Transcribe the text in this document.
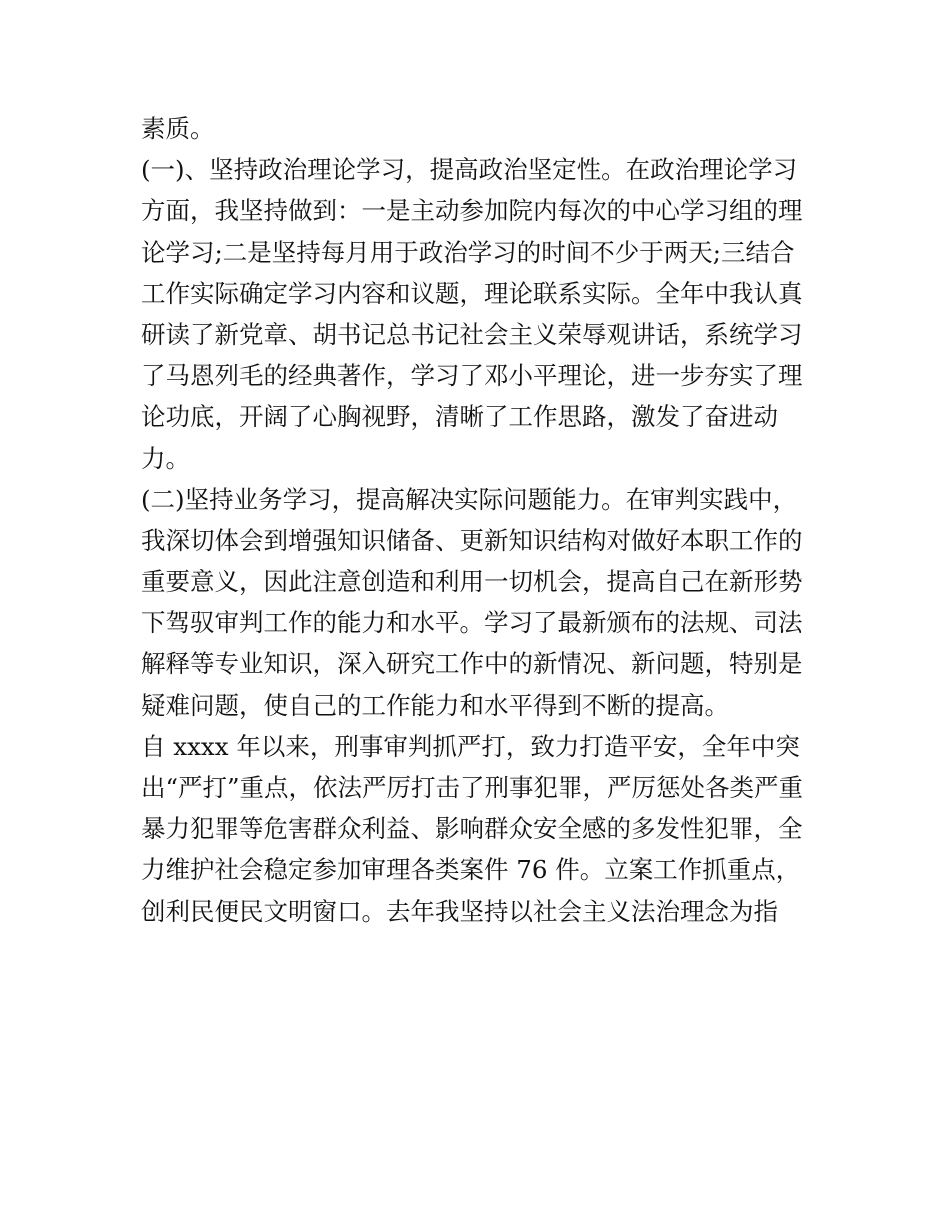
素质。
(一)、坚持政治理论学习，提高政治坚定性。在政治理论学习
方面，我坚持做到：一是主动参加院内每次的中心学习组的理
论学习;二是坚持每月用于政治学习的时间不少于两天;三结合
工作实际确定学习内容和议题，理论联系实际。全年中我认真
研读了新党章、胡书记总书记社会主义荣辱观讲话，系统学习
了马恩列毛的经典著作，学习了邓小平理论，进一步夯实了理
论功底，开阔了心胸视野，清晰了工作思路，激发了奋进动
力。
(二)坚持业务学习，提高解决实际问题能力。在审判实践中，
我深切体会到增强知识储备、更新知识结构对做好本职工作的
重要意义，因此注意创造和利用一切机会，提高自己在新形势
下驾驭审判工作的能力和水平。学习了最新颁布的法规、司法
解释等专业知识，深入研究工作中的新情况、新问题，特别是
疑难问题，使自己的工作能力和水平得到不断的提高。
自 xxxx 年以来，刑事审判抓严打，致力打造平安，全年中突
出“严打”重点，依法严厉打击了刑事犯罪，严厉惩处各类严重
暴力犯罪等危害群众利益、影响群众安全感的多发性犯罪，全
力维护社会稳定参加审理各类案件 76 件。立案工作抓重点，
创利民便民文明窗口。去年我坚持以社会主义法治理念为指
